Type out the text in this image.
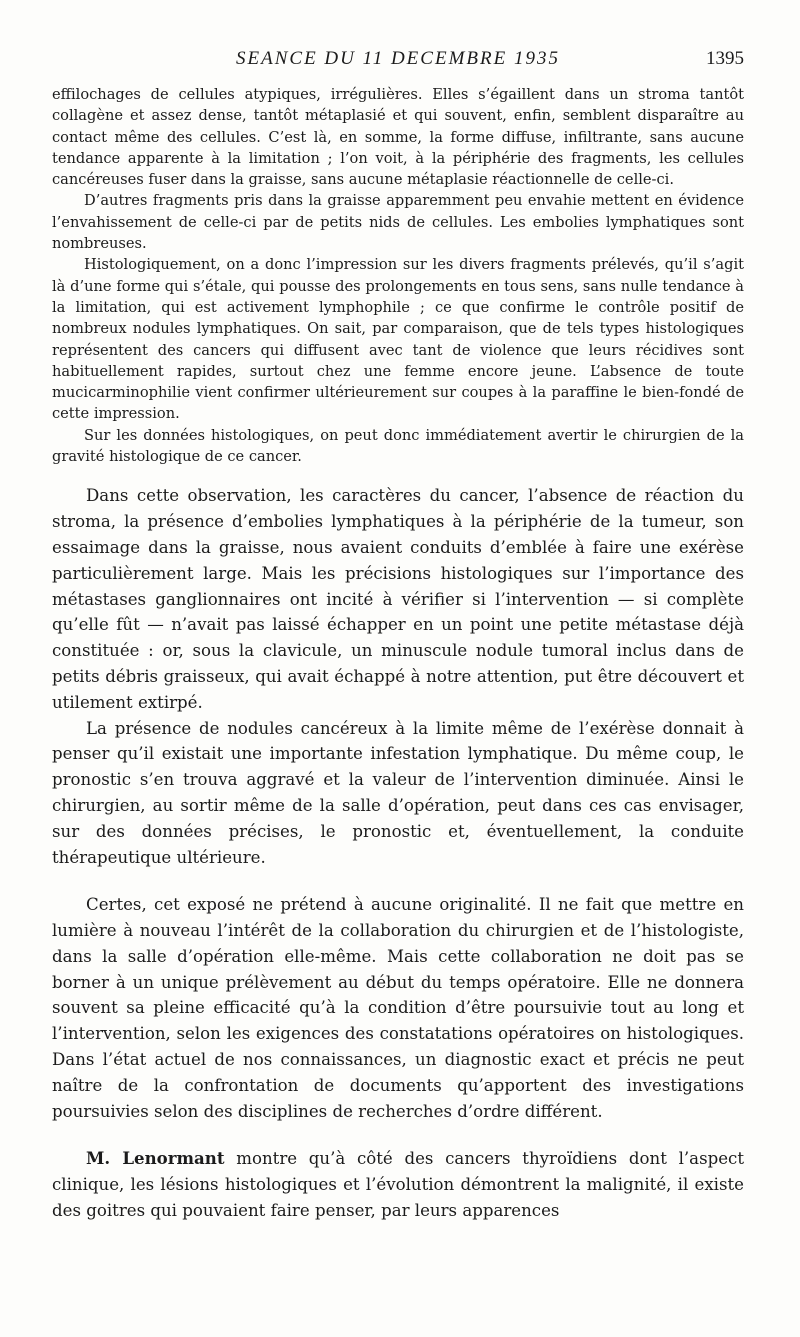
SEANCE DU 11 DECEMBRE 1935	1395

effilochages de cellules atypiques, irrégulières. Elles s’égaillent dans un stroma tantôt collagène et assez dense, tantôt métaplasié et qui souvent, enfin, semblent disparaître au contact même des cellules. C’est là, en somme, la forme diffuse, infiltrante, sans aucune tendance apparente à la limitation ; l’on voit, à la périphérie des fragments, les cellules cancéreuses fuser dans la graisse, sans aucune métaplasie réactionnelle de celle-ci.

D’autres fragments pris dans la graisse apparemment peu envahie mettent en évidence l’envahissement de celle-ci par de petits nids de cellules. Les embolies lymphatiques sont nombreuses.

Histologiquement, on a donc l’impression sur les divers fragments prélevés, qu’il s’agit là d’une forme qui s’étale, qui pousse des prolongements en tous sens, sans nulle tendance à la limitation, qui est activement lymphophile ; ce que confirme le contrôle positif de nombreux nodules lymphatiques. On sait, par comparaison, que de tels types histologiques représentent des cancers qui diffusent avec tant de violence que leurs récidives sont habituellement rapides, surtout chez une femme encore jeune. L’absence de toute mucicarminophilie vient confirmer ultérieurement sur coupes à la paraffine le bien-fondé de cette impression.

Sur les données histologiques, on peut donc immédiatement avertir le chirurgien de la gravité histologique de ce cancer.

Dans cette observation, les caractères du cancer, l’absence de réaction du stroma, la présence d’embolies lymphatiques à la périphérie de la tumeur, son essaimage dans la graisse, nous avaient conduits d’emblée à faire une exérèse particulièrement large. Mais les précisions histologiques sur l’importance des métastases ganglionnaires ont incité à vérifier si l’intervention — si complète qu’elle fût — n’avait pas laissé échapper en un point une petite métastase déjà constituée : or, sous la clavicule, un minuscule nodule tumoral inclus dans de petits débris graisseux, qui avait échappé à notre attention, put être découvert et utilement extirpé.

La présence de nodules cancéreux à la limite même de l’exérèse donnait à penser qu’il existait une importante infestation lymphatique. Du même coup, le pronostic s’en trouva aggravé et la valeur de l’intervention diminuée. Ainsi le chirurgien, au sortir même de la salle d’opération, peut dans ces cas envisager, sur des données précises, le pronostic et, éventuellement, la conduite thérapeutique ultérieure.

Certes, cet exposé ne prétend à aucune originalité. Il ne fait que mettre en lumière à nouveau l’intérêt de la collaboration du chirurgien et de l’histologiste, dans la salle d’opération elle-même. Mais cette collaboration ne doit pas se borner à un unique prélèvement au début du temps opératoire. Elle ne donnera souvent sa pleine efficacité qu’à la condition d’être poursuivie tout au long et l’intervention, selon les exigences des constatations opératoires on histologiques. Dans l’état actuel de nos connaissances, un diagnostic exact et précis ne peut naître de la confrontation de documents qu’apportent des investigations poursuivies selon des disciplines de recherches d’ordre différent.

M. Lenormant montre qu’à côté des cancers thyroïdiens dont l’aspect clinique, les lésions histologiques et l’évolution démontrent la malignité, il existe des goitres qui pouvaient faire penser, par leurs apparences
